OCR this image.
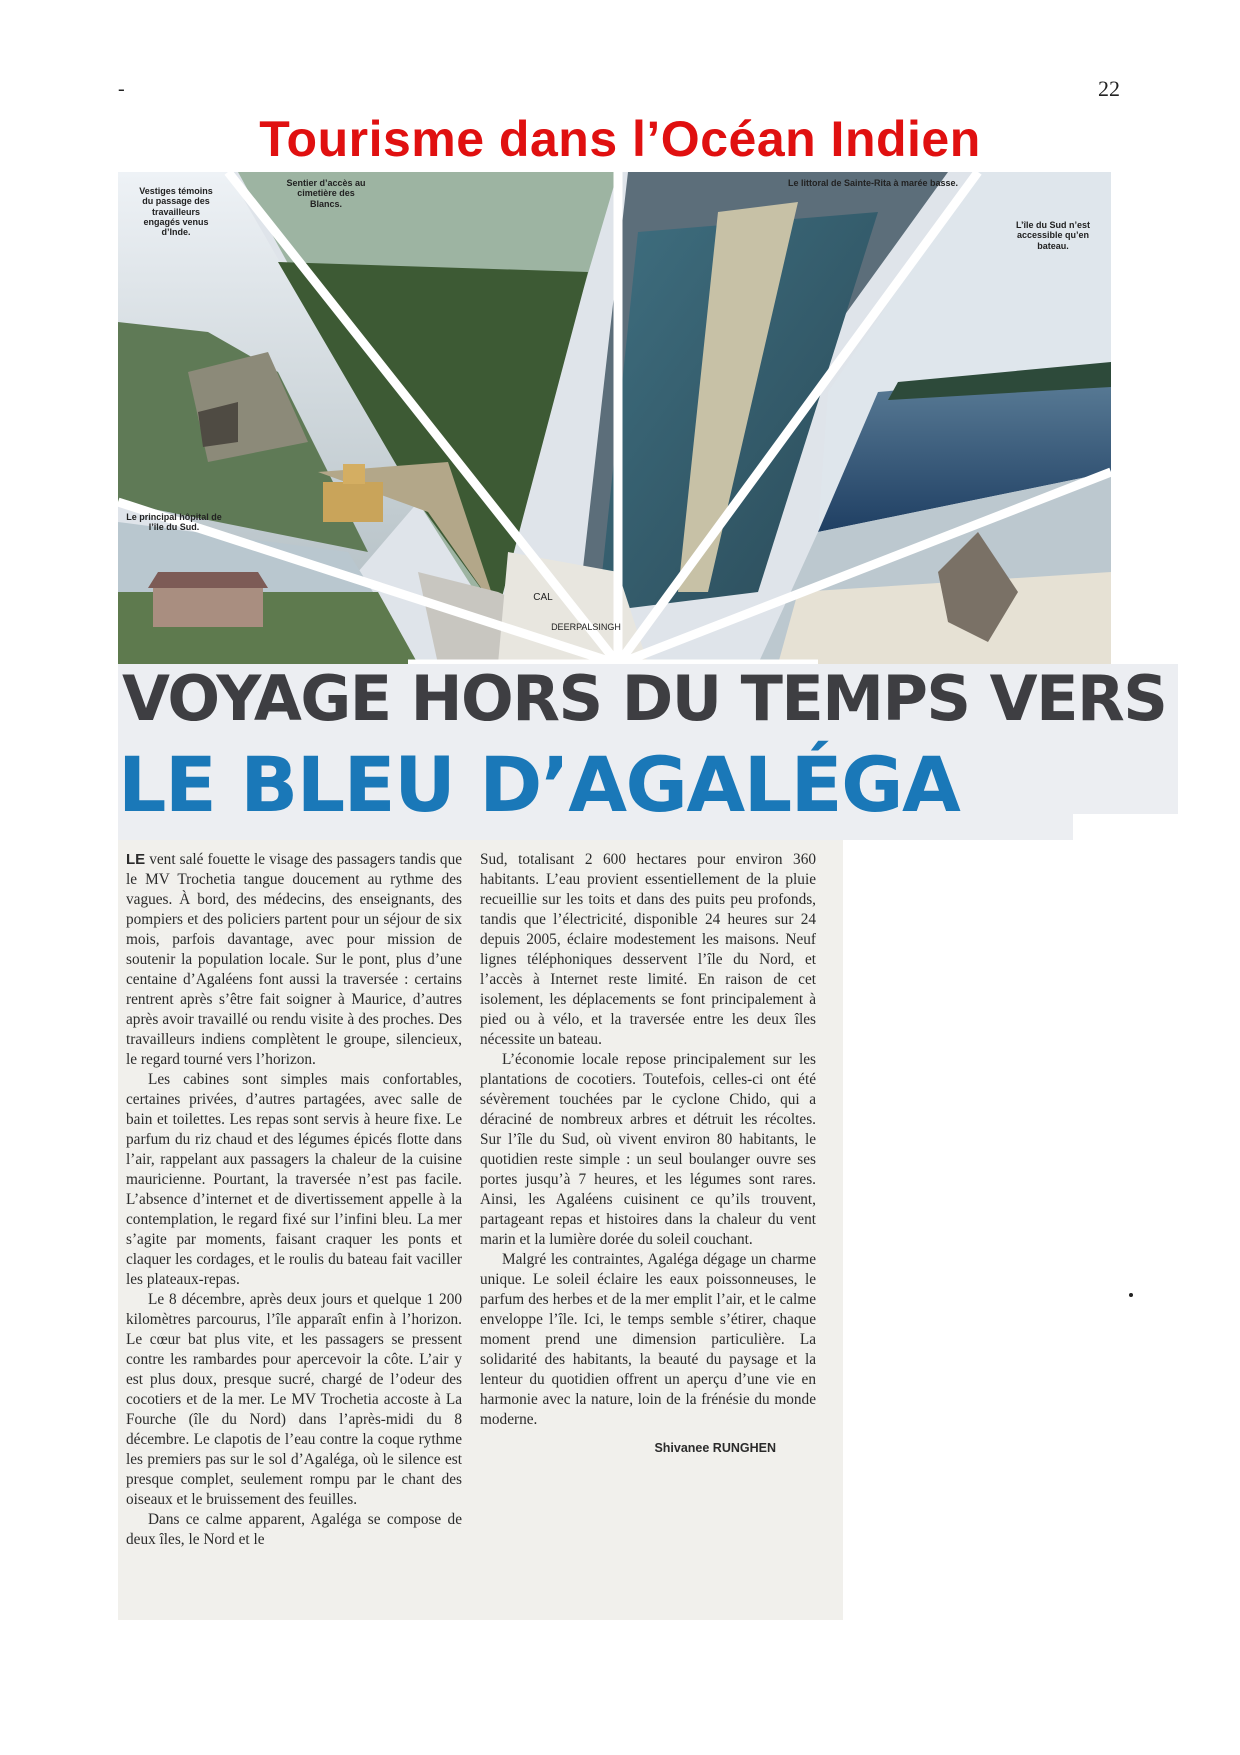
-	22
Tourisme dans l’Océan Indien
Vestiges témoins du passage des travailleurs engagés venus d’Inde.
Sentier d’accès au cimetière des Blancs.
Le littoral de Sainte-Rita à marée basse.
L’île du Sud n’est accessible qu’en bateau.
Le principal hôpital de l’île du Sud.
CAL
DEERPALSINGH
VOYAGE HORS DU TEMPS VERS
LE BLEU D’AGALÉGA

LE vent salé fouette le visage des passagers tandis que le MV Trochetia tangue doucement au rythme des vagues. À bord, des médecins, des enseignants, des pompiers et des policiers partent pour un séjour de six mois, parfois davantage, avec pour mission de soutenir la population locale. Sur le pont, plus d’une centaine d’Agaléens font aussi la traversée : certains rentrent après s’être fait soigner à Maurice, d’autres après avoir travaillé ou rendu visite à des proches. Des travailleurs indiens complètent le groupe, silencieux, le regard tourné vers l’horizon.

Les cabines sont simples mais confortables, certaines privées, d’autres partagées, avec salle de bain et toilettes. Les repas sont servis à heure fixe. Le parfum du riz chaud et des légumes épicés flotte dans l’air, rappelant aux passagers la chaleur de la cuisine mauricienne. Pourtant, la traversée n’est pas facile. L’absence d’internet et de divertissement appelle à la contemplation, le regard fixé sur l’infini bleu. La mer s’agite par moments, faisant craquer les ponts et claquer les cordages, et le roulis du bateau fait vaciller les plateaux-repas.

Le 8 décembre, après deux jours et quelque 1 200 kilomètres parcourus, l’île apparaît enfin à l’horizon. Le cœur bat plus vite, et les passagers se pressent contre les rambardes pour apercevoir la côte. L’air y est plus doux, presque sucré, chargé de l’odeur des cocotiers et de la mer. Le MV Trochetia accoste à La Fourche (île du Nord) dans l’après-midi du 8 décembre. Le clapotis de l’eau contre la coque rythme les premiers pas sur le sol d’Agaléga, où le silence est presque complet, seulement rompu par le chant des oiseaux et le bruissement des feuilles.

Dans ce calme apparent, Agaléga se compose de deux îles, le Nord et le

Sud, totalisant 2 600 hectares pour environ 360 habitants. L’eau provient essentiellement de la pluie recueillie sur les toits et dans des puits peu profonds, tandis que l’électricité, disponible 24 heures sur 24 depuis 2005, éclaire modestement les maisons. Neuf lignes téléphoniques desservent l’île du Nord, et l’accès à Internet reste limité. En raison de cet isolement, les déplacements se font principalement à pied ou à vélo, et la traversée entre les deux îles nécessite un bateau.

L’économie locale repose principalement sur les plantations de cocotiers. Toutefois, celles-ci ont été sévèrement touchées par le cyclone Chido, qui a déraciné de nombreux arbres et détruit les récoltes. Sur l’île du Sud, où vivent environ 80 habitants, le quotidien reste simple : un seul boulanger ouvre ses portes jusqu’à 7 heures, et les légumes sont rares. Ainsi, les Agaléens cuisinent ce qu’ils trouvent, partageant repas et histoires dans la chaleur du vent marin et la lumière dorée du soleil couchant.

Malgré les contraintes, Agaléga dégage un charme unique. Le soleil éclaire les eaux poissonneuses, le parfum des herbes et de la mer emplit l’air, et le calme enveloppe l’île. Ici, le temps semble s’étirer, chaque moment prend une dimension particulière. La solidarité des habitants, la beauté du paysage et la lenteur du quotidien offrent un aperçu d’une vie en harmonie avec la nature, loin de la frénésie du monde moderne.

Shivanee RUNGHEN
